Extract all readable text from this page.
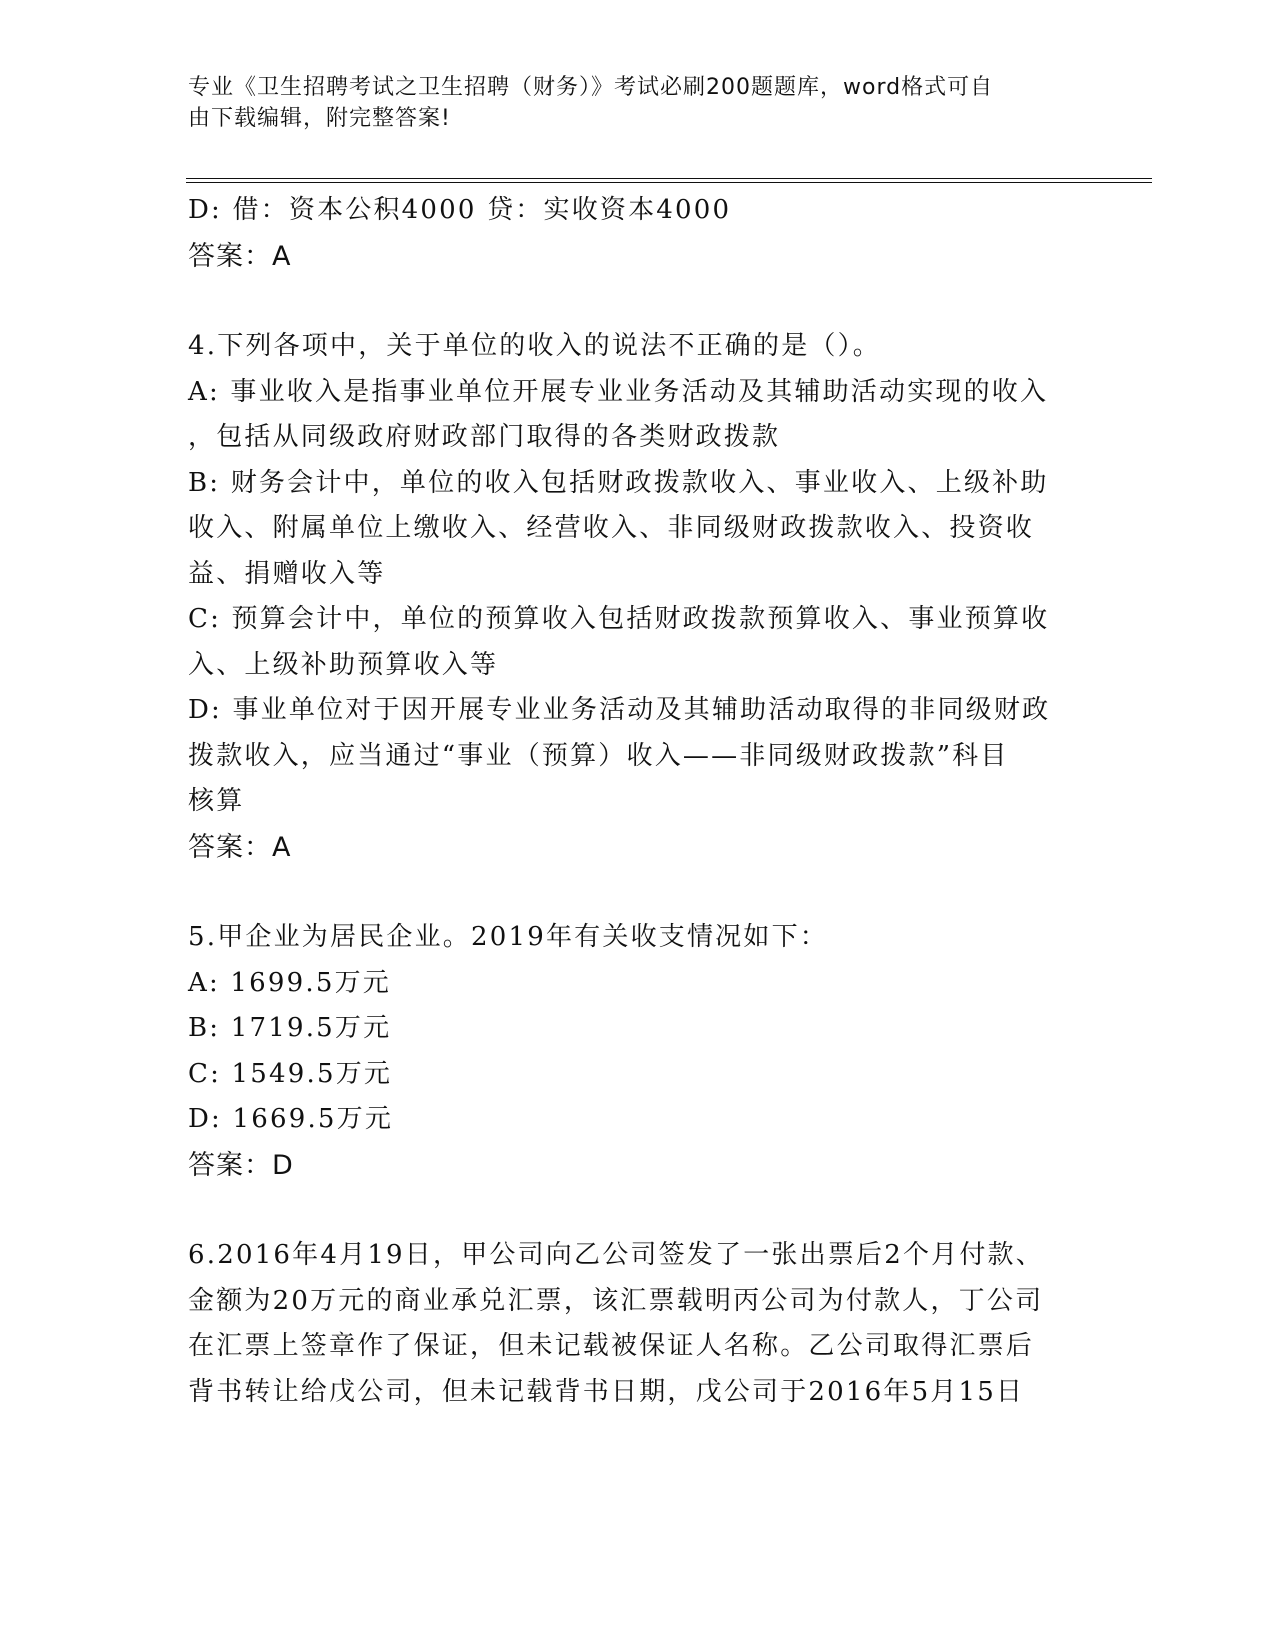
专业《卫生招聘考试之卫生招聘（财务）》考试必刷200题题库，word格式可自
由下载编辑，附完整答案!
D: 借：资本公积4000 贷：实收资本4000
答案：A
4.下列各项中，关于单位的收入的说法不正确的是（）。
A: 事业收入是指事业单位开展专业业务活动及其辅助活动实现的收入
，包括从同级政府财政部门取得的各类财政拨款
B: 财务会计中，单位的收入包括财政拨款收入、事业收入、上级补助
收入、附属单位上缴收入、经营收入、非同级财政拨款收入、投资收
益、捐赠收入等
C: 预算会计中，单位的预算收入包括财政拨款预算收入、事业预算收
入、上级补助预算收入等
D: 事业单位对于因开展专业业务活动及其辅助活动取得的非同级财政
拨款收入，应当通过“事业（预算）收入——非同级财政拨款”科目
核算
答案：A
5.甲企业为居民企业。2019年有关收支情况如下：
A: 1699.5万元
B: 1719.5万元
C: 1549.5万元
D: 1669.5万元
答案：D
6.2016年4月19日，甲公司向乙公司签发了一张出票后2个月付款、
金额为20万元的商业承兑汇票，该汇票载明丙公司为付款人，丁公司
在汇票上签章作了保证，但未记载被保证人名称。乙公司取得汇票后
背书转让给戊公司，但未记载背书日期，戊公司于2016年5月15日
